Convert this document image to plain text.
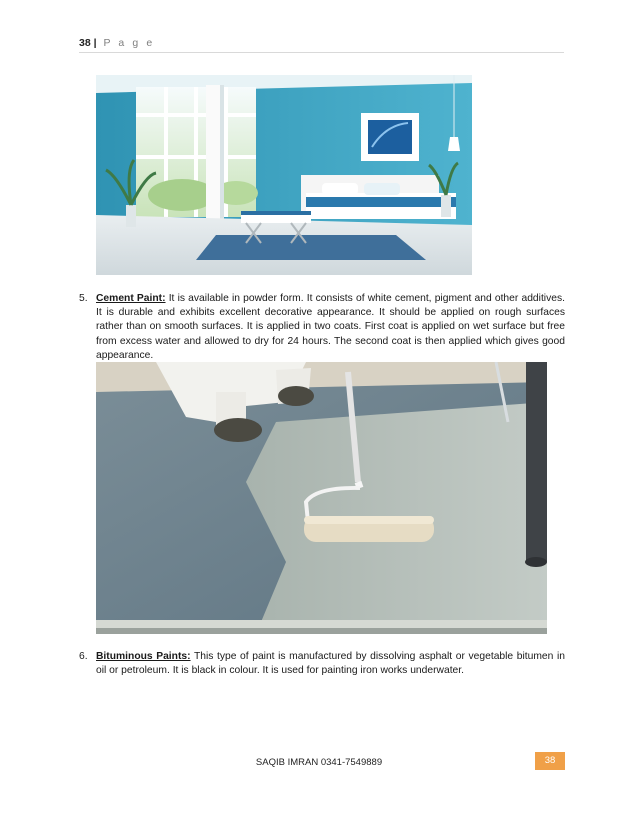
38 | P a g e
5. Cement Paint: It is available in powder form. It consists of white cement, pigment and other additives. It is durable and exhibits excellent decorative appearance. It should be applied on rough surfaces rather than on smooth surfaces. It is applied in two coats. First coat is applied on wet surface but free from excess water and allowed to dry for 24 hours. The second coat is then applied which gives good appearance.
6. Bituminous Paints: This type of paint is manufactured by dissolving asphalt or vegetable bitumen in oil or petroleum. It is black in colour. It is used for painting iron works underwater.
SAQIB IMRAN 0341-7549889	38
